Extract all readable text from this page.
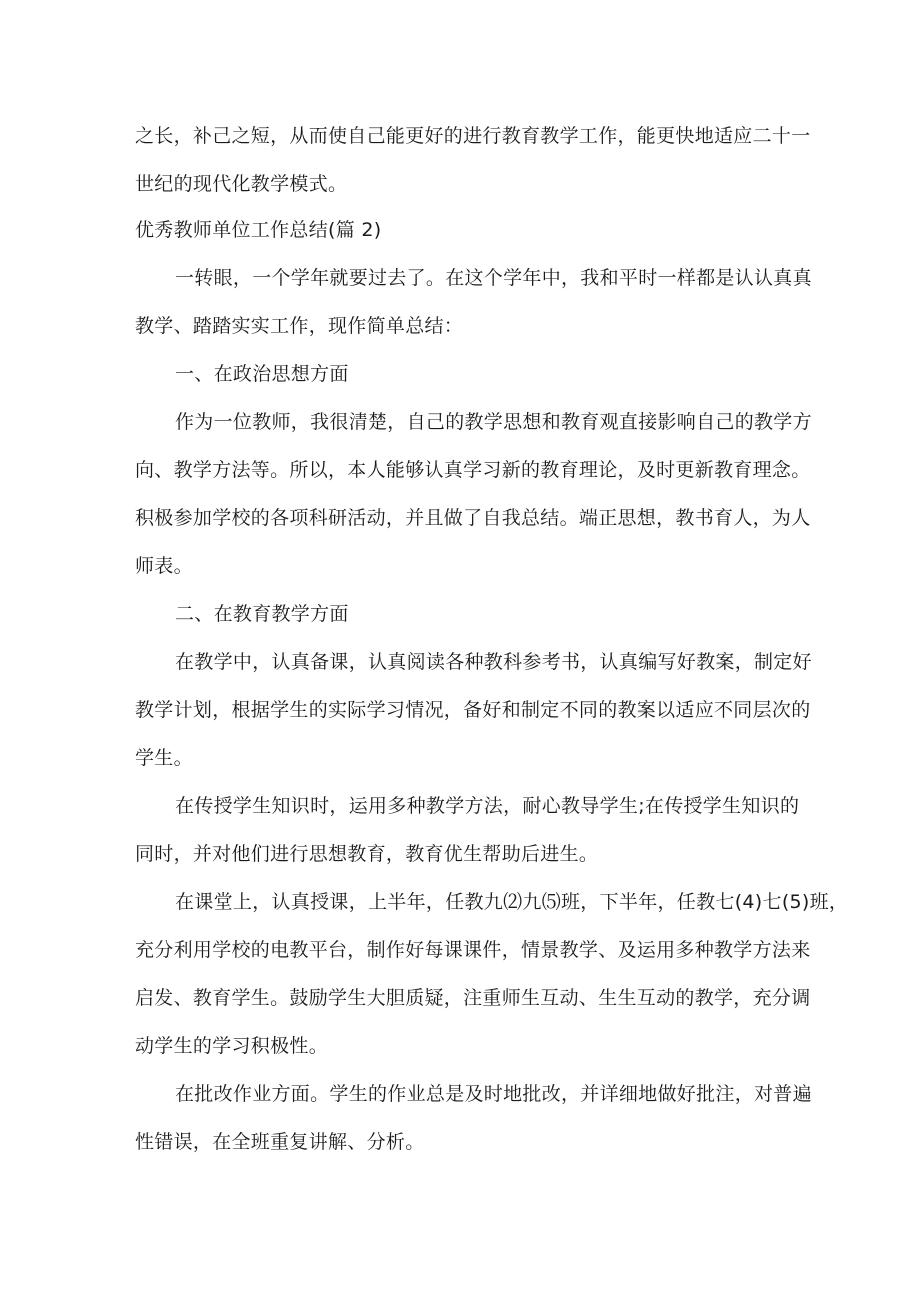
之长，补己之短，从而使自己能更好的进行教育教学工作，能更快地适应二十一
世纪的现代化教学模式。
优秀教师单位工作总结(篇 2)
一转眼，一个学年就要过去了。在这个学年中，我和平时一样都是认认真真
教学、踏踏实实工作，现作简单总结：
一、在政治思想方面
作为一位教师，我很清楚，自己的教学思想和教育观直接影响自己的教学方
向、教学方法等。所以，本人能够认真学习新的教育理论，及时更新教育理念。
积极参加学校的各项科研活动，并且做了自我总结。端正思想，教书育人，为人
师表。
二、在教育教学方面
在教学中，认真备课，认真阅读各种教科参考书，认真编写好教案，制定好
教学计划，根据学生的实际学习情况，备好和制定不同的教案以适应不同层次的
学生。
在传授学生知识时，运用多种教学方法，耐心教导学生;在传授学生知识的
同时，并对他们进行思想教育，教育优生帮助后进生。
在课堂上，认真授课，上半年，任教九⑵九⑸班，下半年，任教七(4)七(5)班，
充分利用学校的电教平台，制作好每课课件，情景教学、及运用多种教学方法来
启发、教育学生。鼓励学生大胆质疑，注重师生互动、生生互动的教学，充分调
动学生的学习积极性。
在批改作业方面。学生的作业总是及时地批改，并详细地做好批注，对普遍
性错误，在全班重复讲解、分析。
